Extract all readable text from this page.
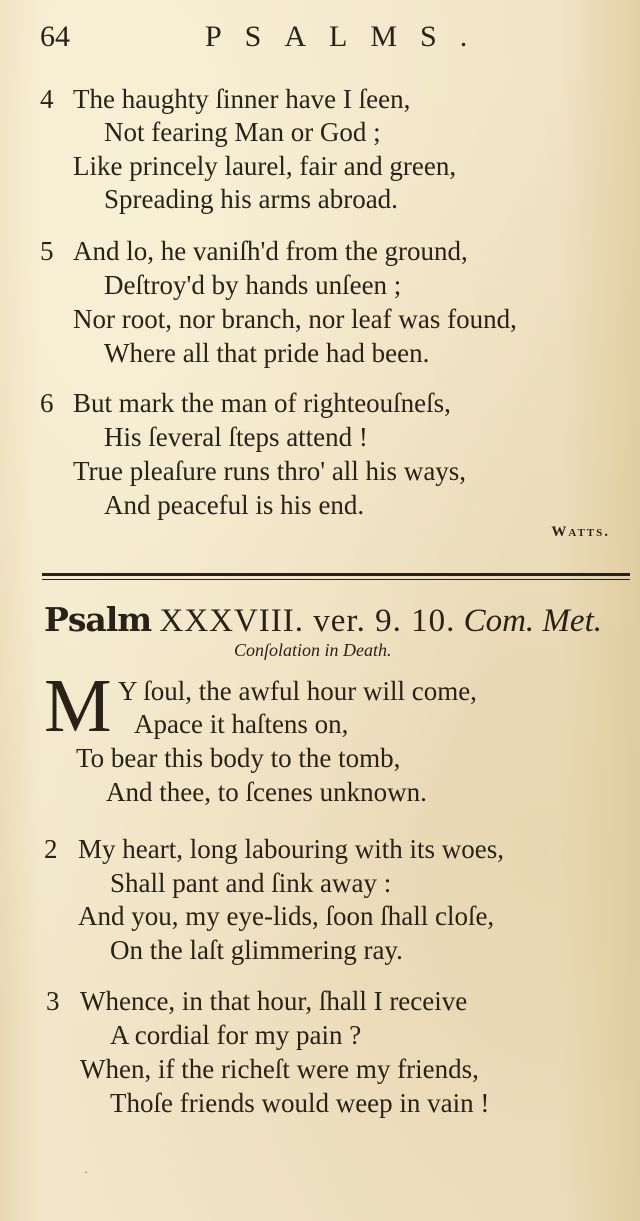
64	PSALMS.
4 The haughty ſinner have I ſeen,
Not fearing Man or God ;
Like princely laurel, fair and green,
Spreading his arms abroad.
5 And lo, he vaniſh'd from the ground,
Deſtroy'd by hands unſeen ;
Nor root, nor branch, nor leaf was found,
Where all that pride had been.
6 But mark the man of righteouſneſs,
His ſeveral ſteps attend !
True pleaſure runs thro' all his ways,
And peaceful is his end.
Watts.
Psalm XXXVIII. ver. 9. 10. Com. Met.
Conſolation in Death.
M Y ſoul, the awful hour will come,
Apace it haſtens on,
To bear this body to the tomb,
And thee, to ſcenes unknown.
2 My heart, long labouring with its woes,
Shall pant and ſink away :
And you, my eye-lids, ſoon ſhall cloſe,
On the laſt glimmering ray.
3 Whence, in that hour, ſhall I receive
A cordial for my pain ?
When, if the richeſt were my friends,
Thoſe friends would weep in vain !
·
